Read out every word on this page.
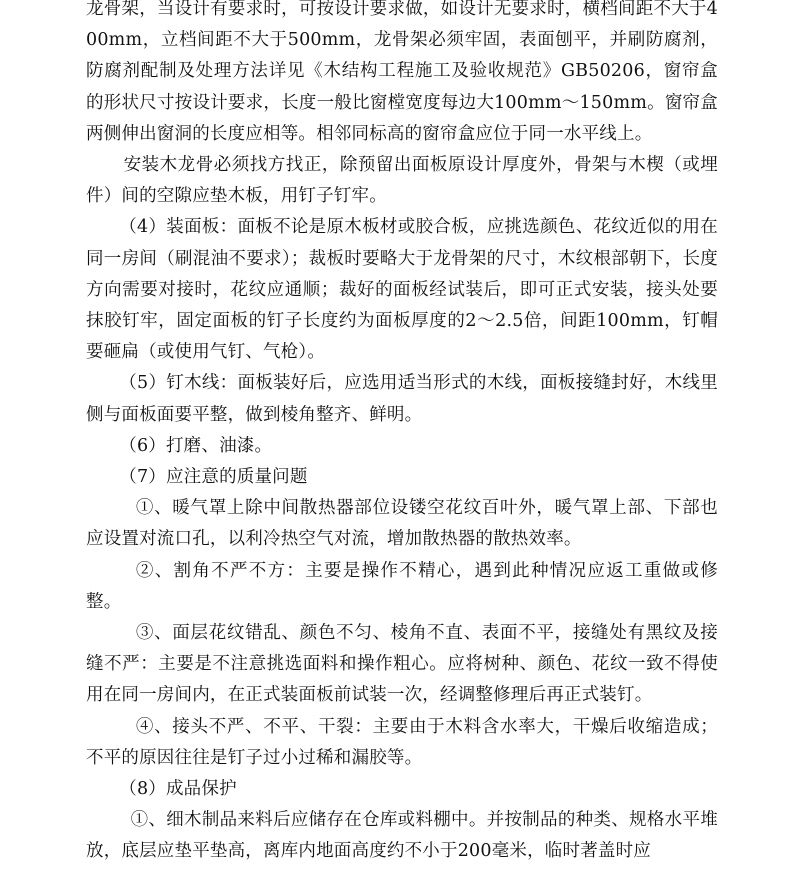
龙骨架，当设计有要求时，可按设计要求做，如设计无要求时，横档间距不大于400mm，立档间距不大于500mm，龙骨架必须牢固，表面刨平，并刷防腐剂，防腐剂配制及处理方法详见《木结构工程施工及验收规范》GB50206，窗帘盒的形状尺寸按设计要求，长度一般比窗樘宽度每边大100mm～150mm。窗帘盒两侧伸出窗洞的长度应相等。相邻同标高的窗帘盒应位于同一水平线上。

安装木龙骨必须找方找正，除预留出面板原设计厚度外，骨架与木楔（或埋件）间的空隙应垫木板，用钉子钉牢。

（4）装面板：面板不论是原木板材或胶合板，应挑选颜色、花纹近似的用在同一房间（刷混油不要求）；裁板时要略大于龙骨架的尺寸，木纹根部朝下，长度方向需要对接时，花纹应通顺；裁好的面板经试装后，即可正式安装，接头处要抹胶钉牢，固定面板的钉子长度约为面板厚度的2～2.5倍，间距100mm，钉帽要砸扁（或使用气钉、气枪）。

（5）钉木线：面板装好后，应选用适当形式的木线，面板接缝封好，木线里侧与面板面要平整，做到棱角整齐、鲜明。

（6）打磨、油漆。

（7）应注意的质量问题

①、暖气罩上除中间散热器部位设镂空花纹百叶外，暖气罩上部、下部也应设置对流口孔，以利冷热空气对流，增加散热器的散热效率。

②、割角不严不方：主要是操作不精心，遇到此种情况应返工重做或修整。

③、面层花纹错乱、颜色不匀、棱角不直、表面不平，接缝处有黑纹及接缝不严：主要是不注意挑选面料和操作粗心。应将树种、颜色、花纹一致不得使用在同一房间内，在正式装面板前试装一次，经调整修理后再正式装钉。

④、接头不严、不平、干裂：主要由于木料含水率大，干燥后收缩造成；不平的原因往往是钉子过小过稀和漏胶等。

（8）成品保护

①、细木制品来料后应储存在仓库或料棚中。并按制品的种类、规格水平堆放，底层应垫平垫高，离库内地面高度约不小于200毫米，临时著盖时应
